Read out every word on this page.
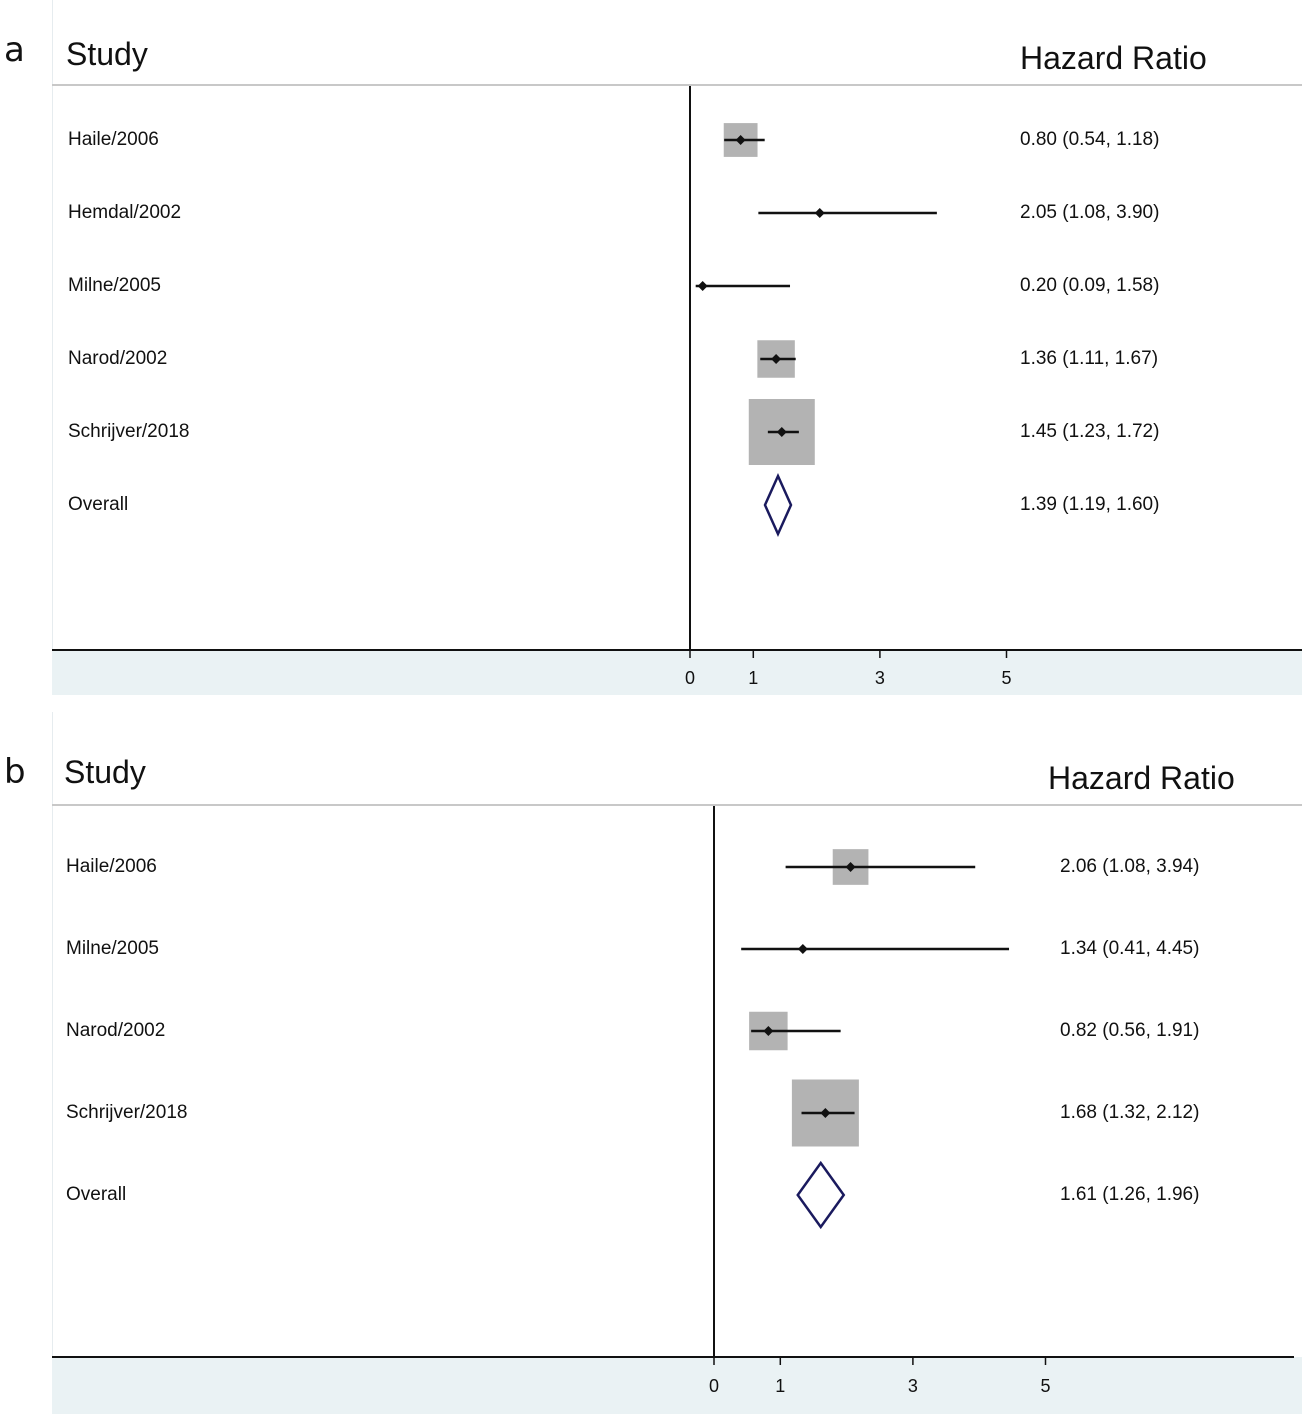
a Study	Hazard Ratio
Haile/2006	0.80 (0.54, 1.18)
Hemdal/2002	2.05 (1.08, 3.90)
Milne/2005	0.20 (0.09, 1.58)
Narod/2002	1.36 (1.11, 1.67)
Schrijver/2018	1.45 (1.23, 1.72)
Overall	1.39 (1.19, 1.60)
0	1	3	5
b Study	Hazard Ratio
Haile/2006	2.06 (1.08, 3.94)
Milne/2005	1.34 (0.41, 4.45)
Narod/2002	0.82 (0.56, 1.91)
Schrijver/2018	1.68 (1.32, 2.12)
Overall	1.61 (1.26, 1.96)
0	1	3	5
